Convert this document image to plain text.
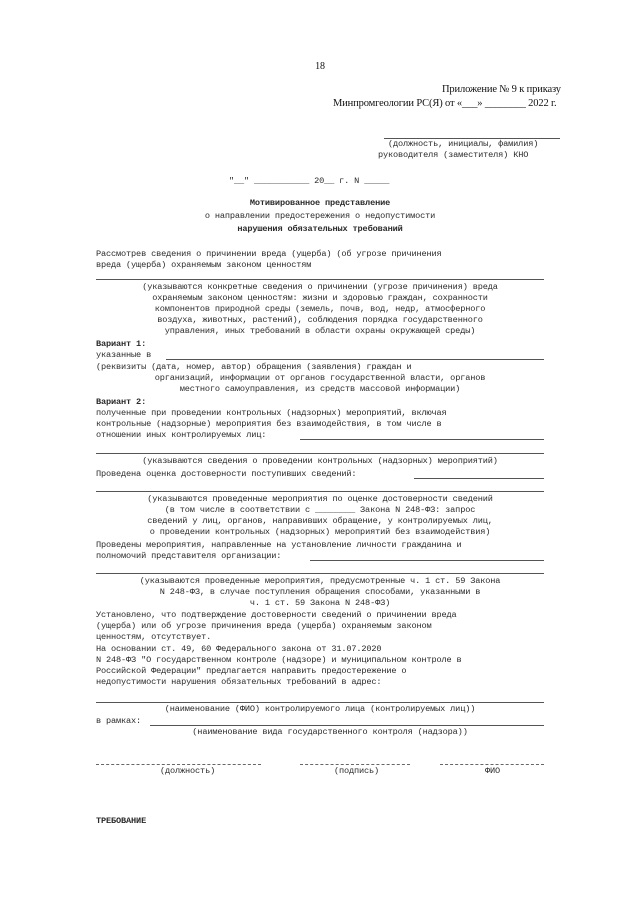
18
Приложение № 9 к приказу
Минпромгеологии РС(Я) от «___» ________ 2022 г.
(должность, инициалы, фамилия)
руководителя (заместителя) КНО
"__" ___________ 20__ г. N _____
Мотивированное представление
о направлении предостережения о недопустимости
нарушения обязательных требований
Рассмотрев сведения о причинении вреда (ущерба) (об угрозе причинения
вреда (ущерба) охраняемым законом ценностям
(указываются конкретные сведения о причинении (угрозе причинения) вреда
охраняемым законом ценностям: жизни и здоровью граждан, сохранности
компонентов природной среды (земель, почв, вод, недр, атмосферного
воздуха, животных, растений), соблюдения порядка государственного
управления, иных требований в области охраны окружающей среды)
Вариант 1:
указанные в
(реквизиты (дата, номер, автор) обращения (заявления) граждан и
организаций, информации от органов государственной власти, органов
местного самоуправления, из средств массовой информации)
Вариант 2:
полученные при проведении контрольных (надзорных) мероприятий, включая
контрольные (надзорные) мероприятия без взаимодействия, в том числе в
отношении иных контролируемых лиц:
(указываются сведения о проведении контрольных (надзорных) мероприятий)
Проведена оценка достоверности поступивших сведений:
(указываются проведенные мероприятия по оценке достоверности сведений
(в том числе в соответствии с ________ Закона N 248-ФЗ: запрос
сведений у лиц, органов, направивших обращение, у контролируемых лиц,
о проведении контрольных (надзорных) мероприятий без взаимодействия)
Проведены мероприятия, направленные на установление личности гражданина и
полномочий представителя организации:
(указываются проведенные мероприятия, предусмотренные ч. 1 ст. 59 Закона
N 248-ФЗ, в случае поступления обращения способами, указанными в
ч. 1 ст. 59 Закона N 248-ФЗ)
Установлено, что подтверждение достоверности сведений о причинении вреда
(ущерба) или об угрозе причинения вреда (ущерба) охраняемым законом
ценностям, отсутствует.
На основании ст. 49, 60 Федерального закона от 31.07.2020
N 248-ФЗ "О государственном контроле (надзоре) и муниципальном контроле в
Российской Федерации" предлагается направить предостережение о
недопустимости нарушения обязательных требований в адрес:
(наименование (ФИО) контролируемого лица (контролируемых лиц))
в рамках:
(наименование вида государственного контроля (надзора))
(должность)	(подпись)	ФИО
ТРЕБОВАНИЕ
